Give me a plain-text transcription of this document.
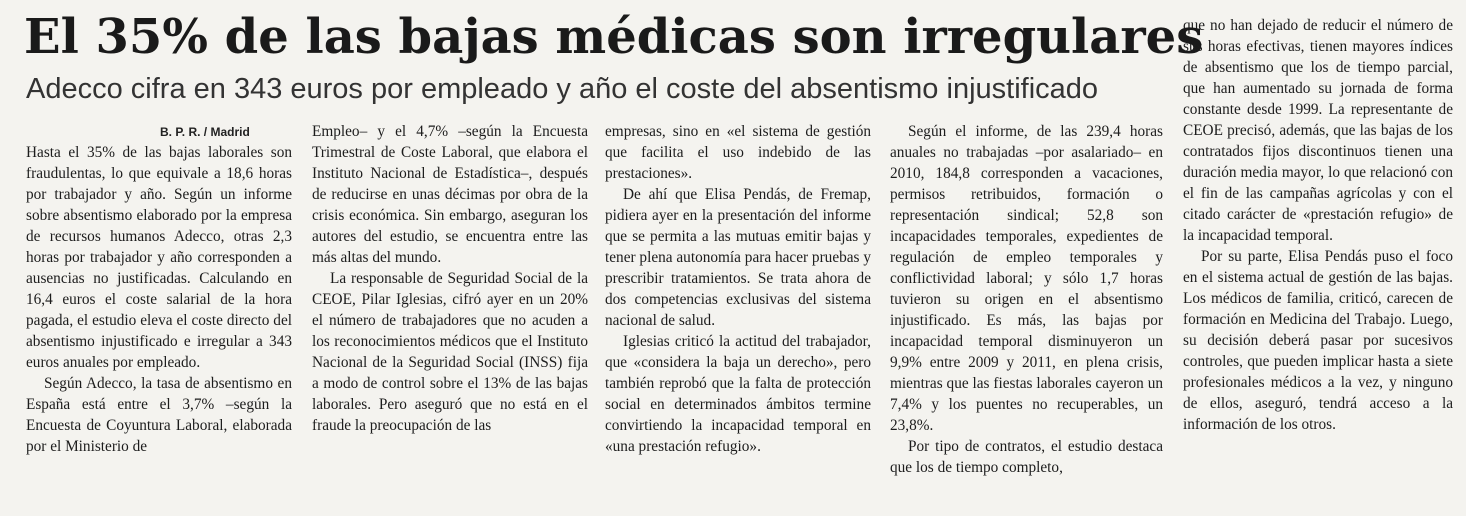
El 35% de las bajas médicas son irregulares
Adecco cifra en 343 euros por empleado y año el coste del absentismo injustificado
B. P. R. / Madrid

Hasta el 35% de las bajas laborales son fraudulentas, lo que equivale a 18,6 horas por trabajador y año. Según un informe sobre absentismo elaborado por la empresa de recursos humanos Adecco, otras 2,3 horas por trabajador y año corresponden a ausencias no justificadas. Calculando en 16,4 euros el coste salarial de la hora pagada, el estudio eleva el coste directo del absentismo injustificado e irregular a 343 euros anuales por empleado.

Según Adecco, la tasa de absentismo en España está entre el 3,7% –según la Encuesta de Coyuntura Laboral, elaborada por el Ministerio de

Empleo– y el 4,7% –según la Encuesta Trimestral de Coste Laboral, que elabora el Instituto Nacional de Estadística–, después de reducirse en unas décimas por obra de la crisis económica. Sin embargo, aseguran los autores del estudio, se encuentra entre las más altas del mundo.

La responsable de Seguridad Social de la CEOE, Pilar Iglesias, cifró ayer en un 20% el número de trabajadores que no acuden a los reconocimientos médicos que el Instituto Nacional de la Seguridad Social (INSS) fija a modo de control sobre el 13% de las bajas laborales. Pero aseguró que no está en el fraude la preocupación de las

empresas, sino en «el sistema de gestión que facilita el uso indebido de las prestaciones».

De ahí que Elisa Pendás, de Fremap, pidiera ayer en la presentación del informe que se permita a las mutuas emitir bajas y tener plena autonomía para hacer pruebas y prescribir tratamientos. Se trata ahora de dos competencias exclusivas del sistema nacional de salud.

Iglesias criticó la actitud del trabajador, que «considera la baja un derecho», pero también reprobó que la falta de protección social en determinados ámbitos termine convirtiendo la incapacidad temporal en «una prestación refugio».

Según el informe, de las 239,4 horas anuales no trabajadas –por asalariado– en 2010, 184,8 corresponden a vacaciones, permisos retribuidos, formación o representación sindical; 52,8 son incapacidades temporales, expedientes de regulación de empleo temporales y conflictividad laboral; y sólo 1,7 horas tuvieron su origen en el absentismo injustificado. Es más, las bajas por incapacidad temporal disminuyeron un 9,9% entre 2009 y 2011, en plena crisis, mientras que las fiestas laborales cayeron un 7,4% y los puentes no recuperables, un 23,8%.

Por tipo de contratos, el estudio destaca que los de tiempo completo,

que no han dejado de reducir el número de sus horas efectivas, tienen mayores índices de absentismo que los de tiempo parcial, que han aumentado su jornada de forma constante desde 1999. La representante de CEOE precisó, además, que las bajas de los contratados fijos discontinuos tienen una duración media mayor, lo que relacionó con el fin de las campañas agrícolas y con el citado carácter de «prestación refugio» de la incapacidad temporal.

Por su parte, Elisa Pendás puso el foco en el sistema actual de gestión de las bajas. Los médicos de familia, criticó, carecen de formación en Medicina del Trabajo. Luego, su decisión deberá pasar por sucesivos controles, que pueden implicar hasta a siete profesionales médicos a la vez, y ninguno de ellos, aseguró, tendrá acceso a la información de los otros.
